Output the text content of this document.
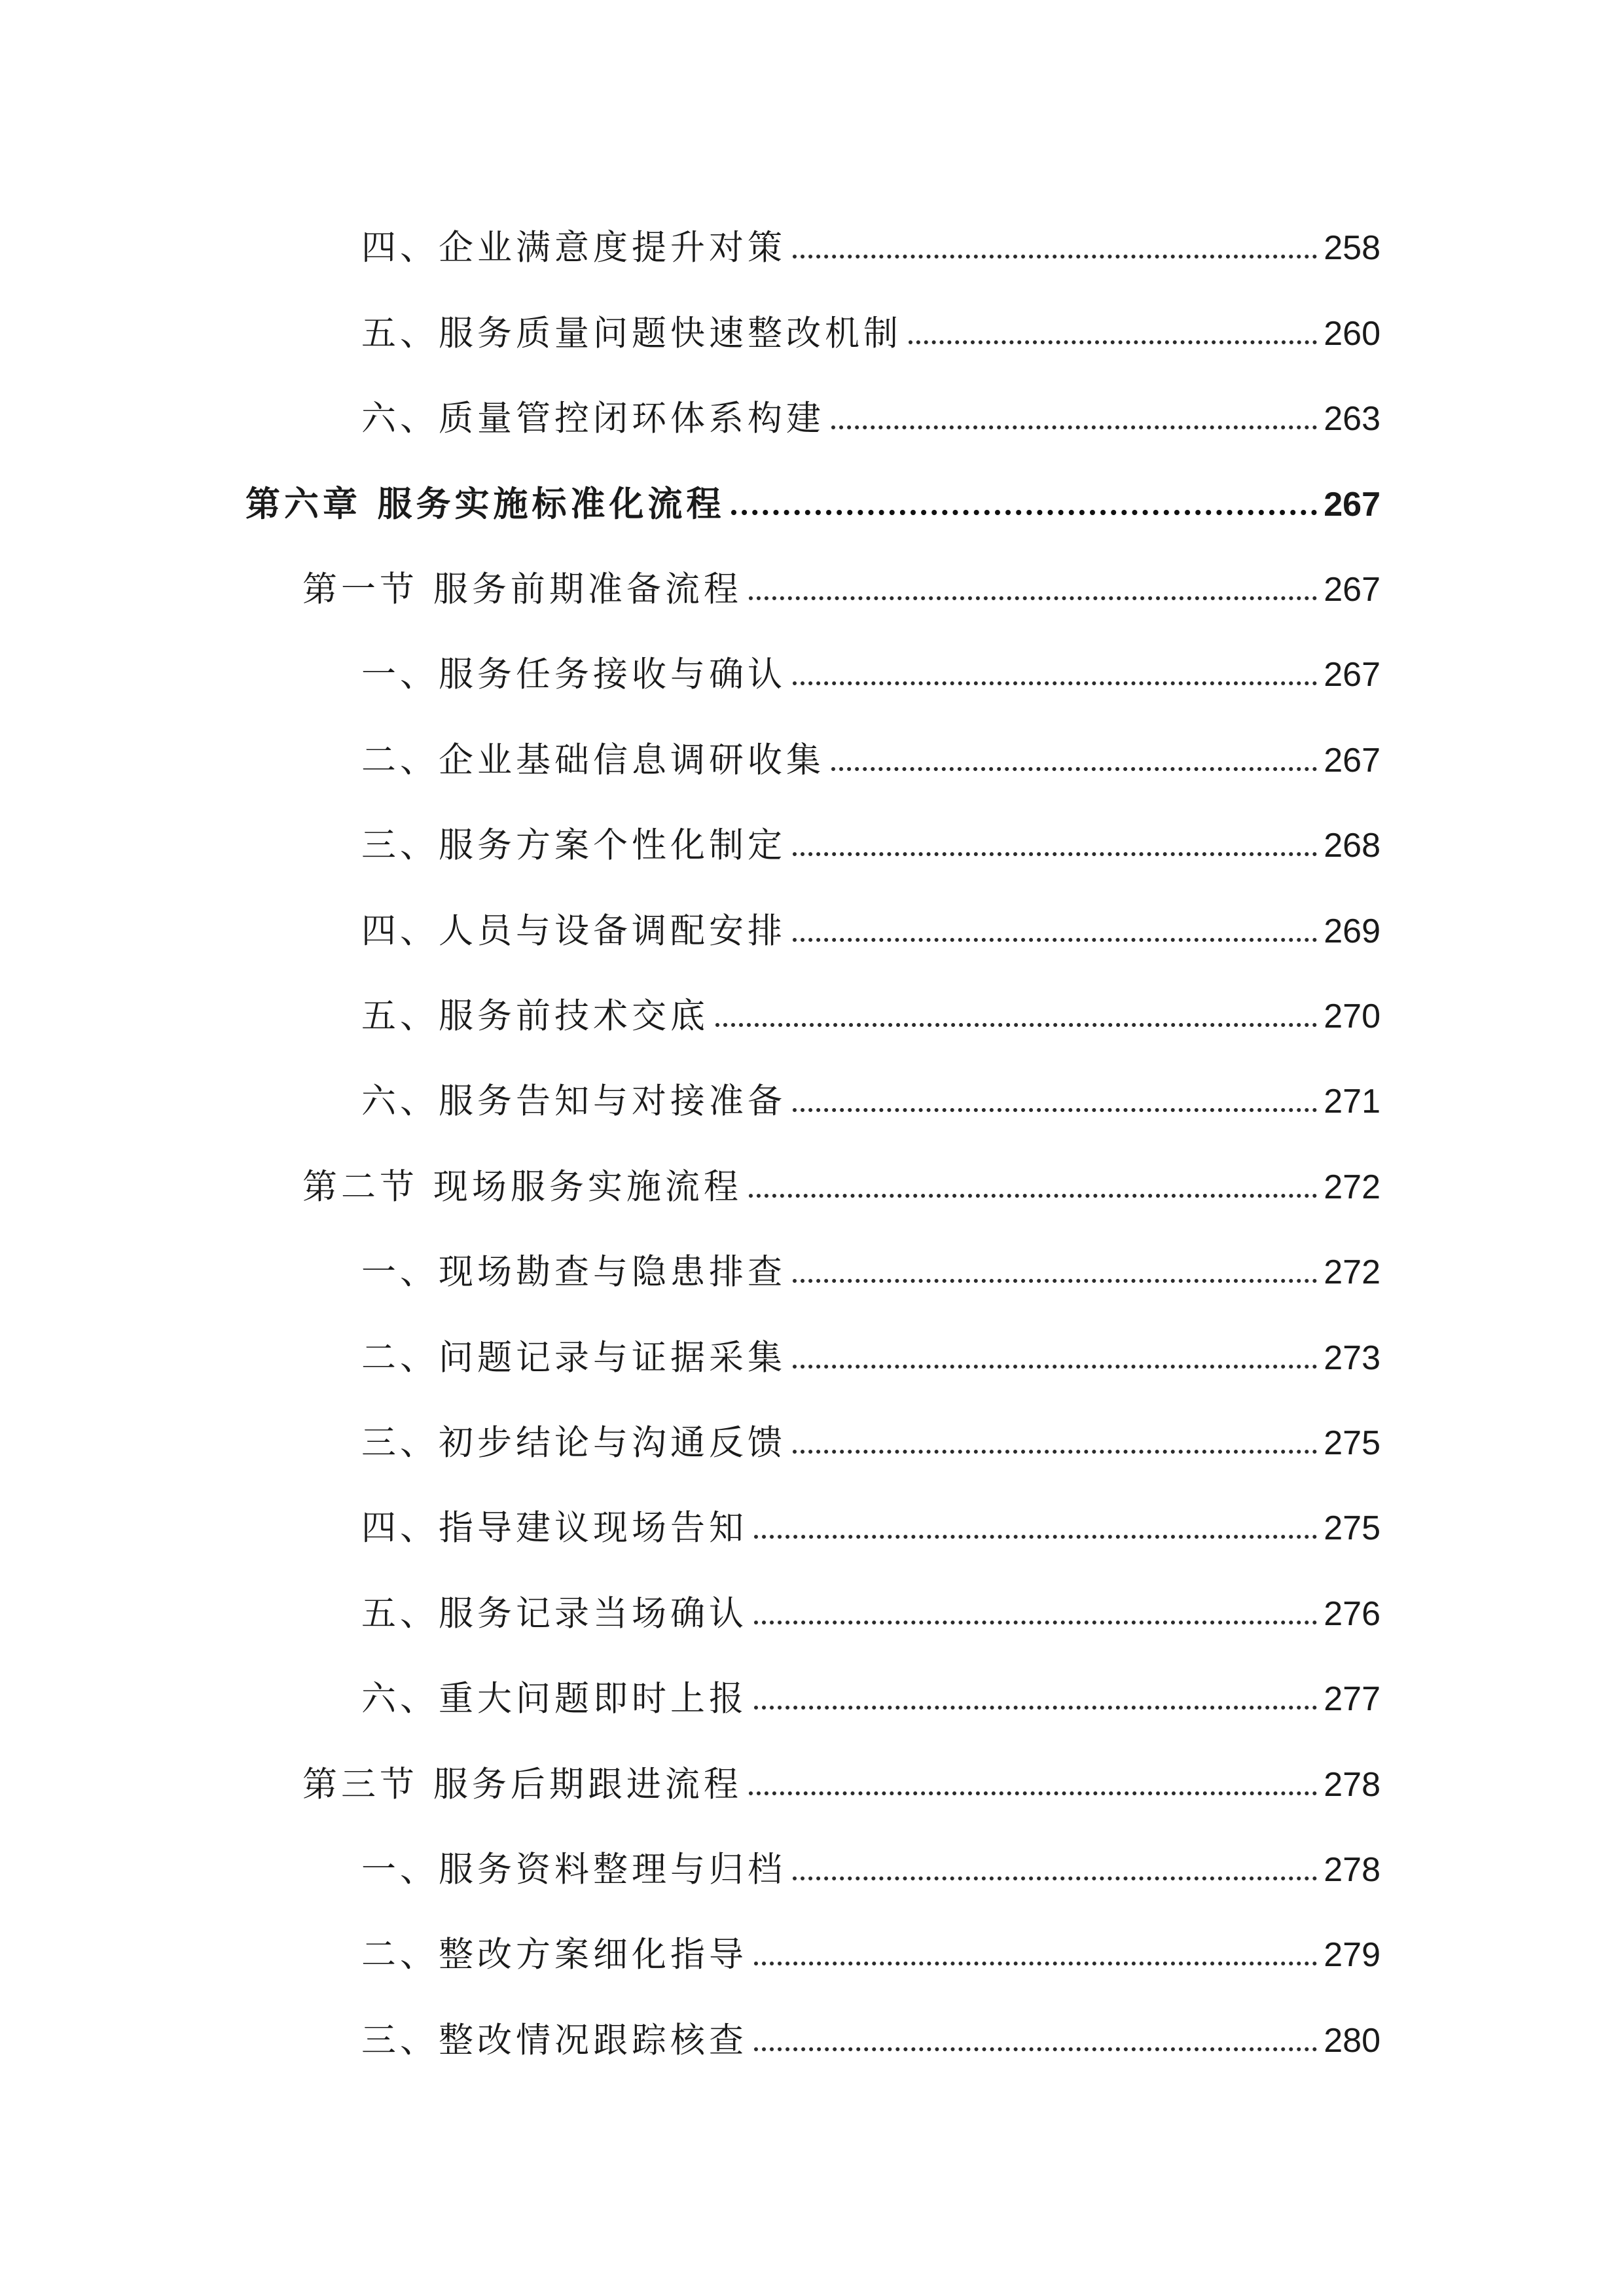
四、企业满意度提升对策	258
五、服务质量问题快速整改机制	260
六、质量管控闭环体系构建	263
第六章 服务实施标准化流程	267
第一节 服务前期准备流程	267
一、服务任务接收与确认	267
二、企业基础信息调研收集	267
三、服务方案个性化制定	268
四、人员与设备调配安排	269
五、服务前技术交底	270
六、服务告知与对接准备	271
第二节 现场服务实施流程	272
一、现场勘查与隐患排查	272
二、问题记录与证据采集	273
三、初步结论与沟通反馈	275
四、指导建议现场告知	275
五、服务记录当场确认	276
六、重大问题即时上报	277
第三节 服务后期跟进流程	278
一、服务资料整理与归档	278
二、整改方案细化指导	279
三、整改情况跟踪核查	280
